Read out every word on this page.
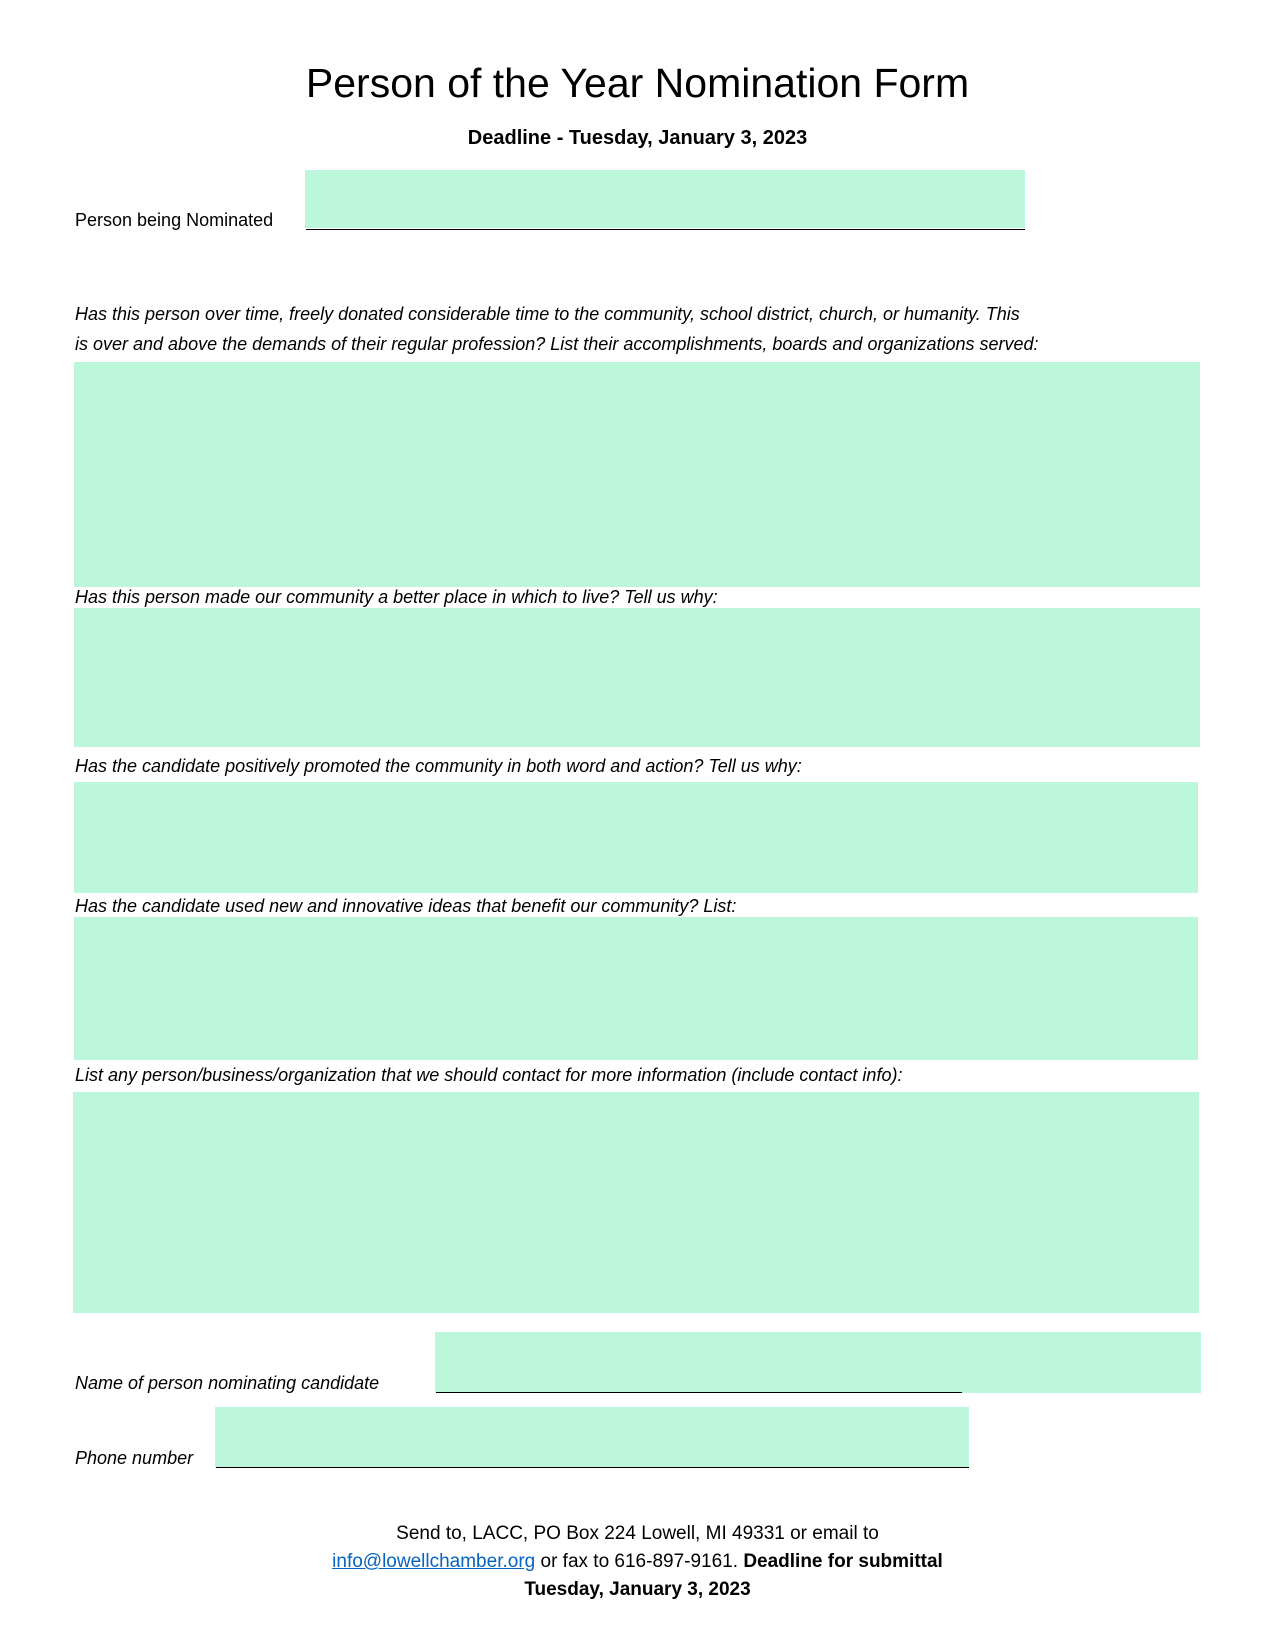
Person of the Year Nomination Form
Deadline - Tuesday, January 3, 2023
Person being Nominated
Has this person over time, freely donated considerable time to the community, school district, church, or humanity. This
is over and above the demands of their regular profession? List their accomplishments, boards and organizations served:
Has this person made our community a better place in which to live? Tell us why:
Has the candidate positively promoted the community in both word and action? Tell us why:
Has the candidate used new and innovative ideas that benefit our community? List:
List any person/business/organization that we should contact for more information (include contact info):
Name of person nominating candidate
Phone number
Send to, LACC, PO Box 224 Lowell, MI 49331 or email to
info@lowellchamber.org or fax to 616-897-9161. Deadline for submittal
Tuesday, January 3, 2023
